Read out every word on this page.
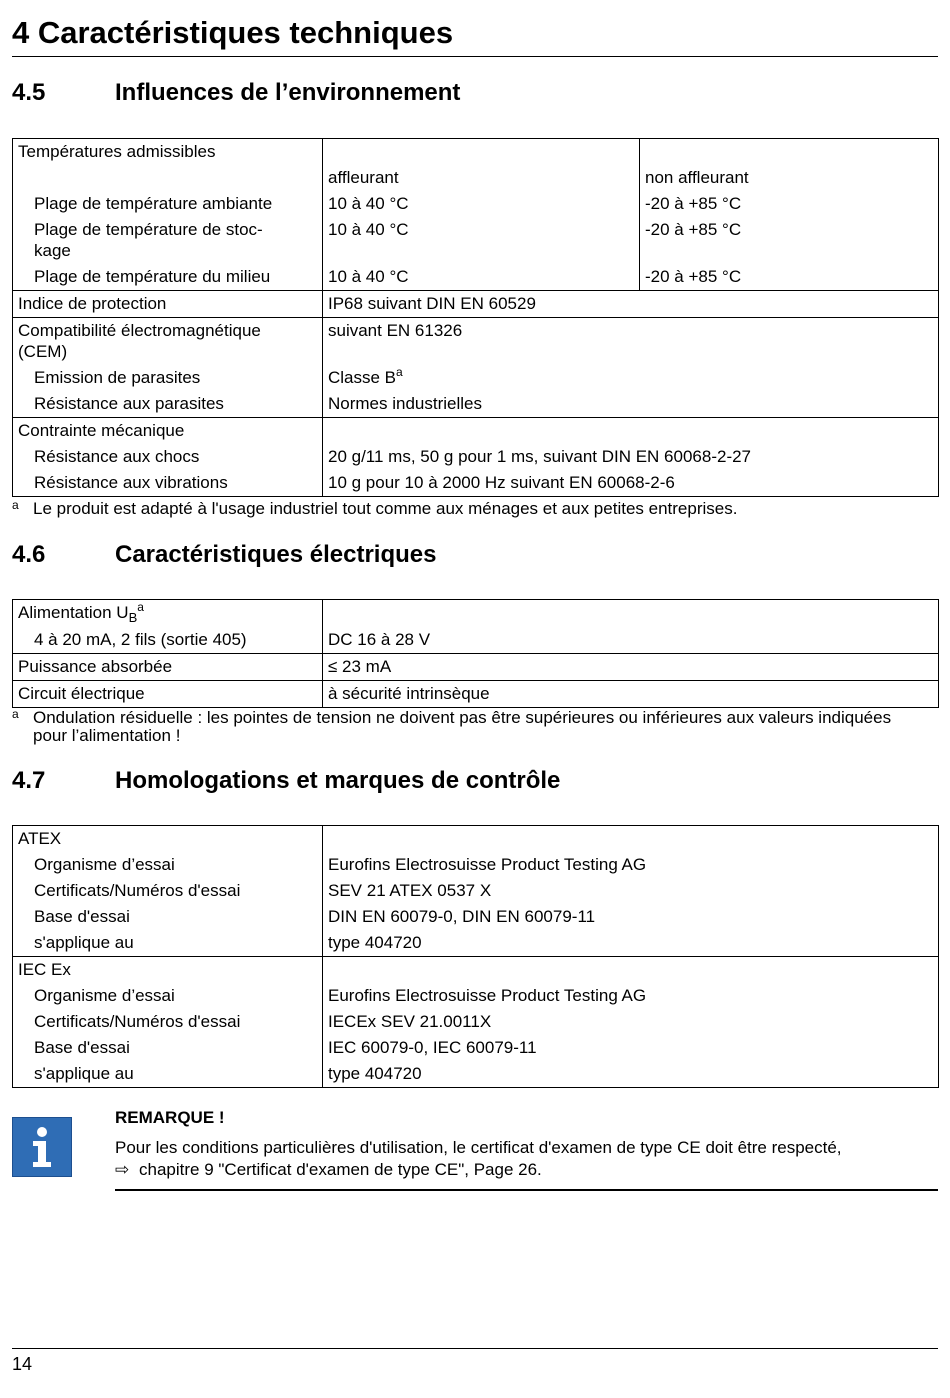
4 Caractéristiques techniques
4.5	Influences de l’environnement
Températures admissibles		
	affleurant	non affleurant
Plage de température ambiante	10 à 40 °C	-20 à +85 °C
Plage de température de stoc-
kage	10 à 40 °C	-20 à +85 °C
Plage de température du milieu	10 à 40 °C	-20 à +85 °C
Indice de protection	IP68 suivant DIN EN 60529	
Compatibilité électromagnétique
(CEM)	suivant EN 61326	
Emission de parasites	Classe $B^a$
Résistance aux parasites	Normes industrielles	
Contrainte mécanique		
Résistance aux chocs	20 g/11 ms, 50 g pour 1 ms, suivant DIN EN 60068-2-27	
Résistance aux vibrations	10 g pour 10 à 2000 Hz suivant EN 60068-2-6	
a Le produit est adapté à l'usage industriel tout comme aux ménages et aux petites entreprises.
4.6	Caractéristiques électriques
Alimentation $U_B^a$	
4 à 20 mA, 2 fils (sortie 405)	DC 16 à 28 V
Puissance absorbée	≤ 23 mA
Circuit électrique	à sécurité intrinsèque
a Ondulation résiduelle : les pointes de tension ne doivent pas être supérieures ou inférieures aux valeurs indiquées
pour l’alimentation !
4.7	Homologations et marques de contrôle
ATEX	
Organisme d’essai	Eurofins Electrosuisse Product Testing AG
Certificats/Numéros d'essai	SEV 21 ATEX 0537 X
Base d'essai	DIN EN 60079-0, DIN EN 60079-11
s'applique au	type 404720
IEC Ex	
Organisme d’essai	Eurofins Electrosuisse Product Testing AG
Certificats/Numéros d'essai	IECEx SEV 21.0011X
Base d'essai	IEC 60079-0, IEC 60079-11
s'applique au	type 404720
REMARQUE !
Pour les conditions particulières d'utilisation, le certificat d'examen de type CE doit être respecté,
⇨ chapitre 9 "Certificat d'examen de type CE", Page 26.
14
